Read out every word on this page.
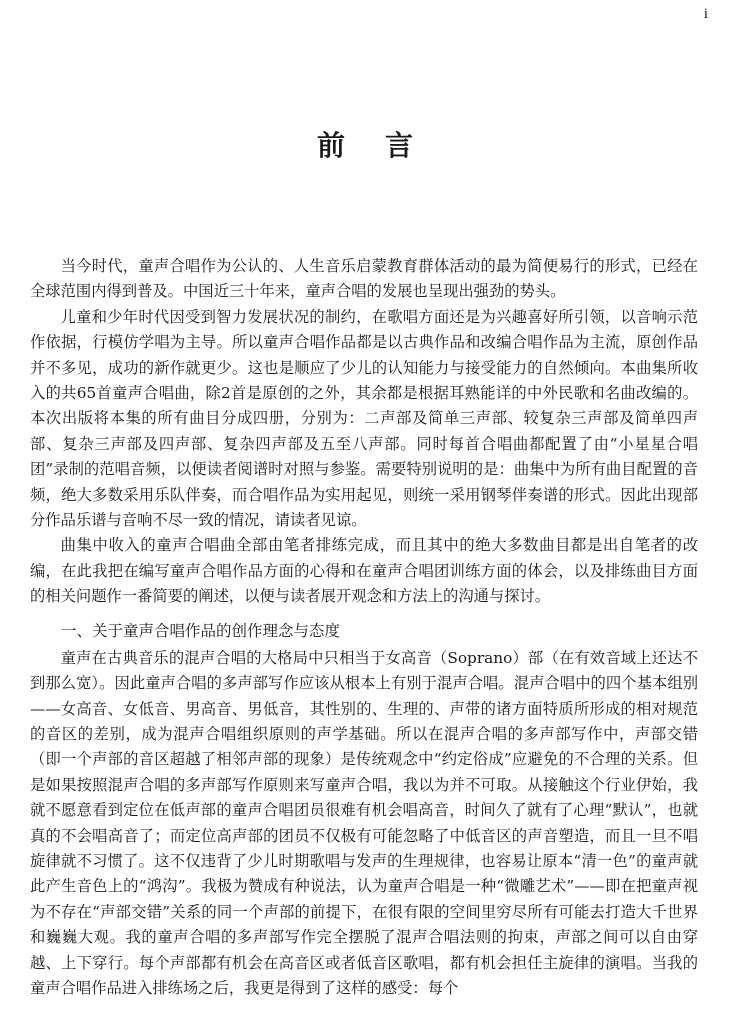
i
前言

当今时代，童声合唱作为公认的、人生音乐启蒙教育群体活动的最为简便易行的形式，已经在全球范围内得到普及。中国近三十年来，童声合唱的发展也呈现出强劲的势头。

儿童和少年时代因受到智力发展状况的制约，在歌唱方面还是为兴趣喜好所引领，以音响示范作依据，行模仿学唱为主导。所以童声合唱作品都是以古典作品和改编合唱作品为主流，原创作品并不多见，成功的新作就更少。这也是顺应了少儿的认知能力与接受能力的自然倾向。本曲集所收入的共65首童声合唱曲，除2首是原创的之外，其余都是根据耳熟能详的中外民歌和名曲改编的。本次出版将本集的所有曲目分成四册，分别为：二声部及简单三声部、较复杂三声部及简单四声部、复杂三声部及四声部、复杂四声部及五至八声部。同时每首合唱曲都配置了由“小星星合唱团”录制的范唱音频，以便读者阅谱时对照与参鉴。需要特别说明的是：曲集中为所有曲目配置的音频，绝大多数采用乐队伴奏，而合唱作品为实用起见，则统一采用钢琴伴奏谱的形式。因此出现部分作品乐谱与音响不尽一致的情况，请读者见谅。

曲集中收入的童声合唱曲全部由笔者排练完成，而且其中的绝大多数曲目都是出自笔者的改编，在此我把在编写童声合唱作品方面的心得和在童声合唱团训练方面的体会，以及排练曲目方面的相关问题作一番简要的阐述，以便与读者展开观念和方法上的沟通与探讨。

一、关于童声合唱作品的创作理念与态度

童声在古典音乐的混声合唱的大格局中只相当于女高音（Soprano）部（在有效音域上还达不到那么宽）。因此童声合唱的多声部写作应该从根本上有别于混声合唱。混声合唱中的四个基本组别——女高音、女低音、男高音、男低音，其性别的、生理的、声带的诸方面特质所形成的相对规范的音区的差别，成为混声合唱组织原则的声学基础。所以在混声合唱的多声部写作中，声部交错（即一个声部的音区超越了相邻声部的现象）是传统观念中“约定俗成”应避免的不合理的关系。但是如果按照混声合唱的多声部写作原则来写童声合唱，我以为并不可取。从接触这个行业伊始，我就不愿意看到定位在低声部的童声合唱团员很难有机会唱高音，时间久了就有了心理“默认”，也就真的不会唱高音了；而定位高声部的团员不仅极有可能忽略了中低音区的声音塑造，而且一旦不唱旋律就不习惯了。这不仅违背了少儿时期歌唱与发声的生理规律，也容易让原本“清一色”的童声就此产生音色上的“鸿沟”。我极为赞成有种说法，认为童声合唱是一种“微雕艺术”——即在把童声视为不存在“声部交错”关系的同一个声部的前提下，在很有限的空间里穷尽所有可能去打造大千世界和巍巍大观。我的童声合唱的多声部写作完全摆脱了混声合唱法则的拘束，声部之间可以自由穿越、上下穿行。每个声部都有机会在高音区或者低音区歌唱，都有机会担任主旋律的演唱。当我的童声合唱作品进入排练场之后，我更是得到了这样的感受：每个
